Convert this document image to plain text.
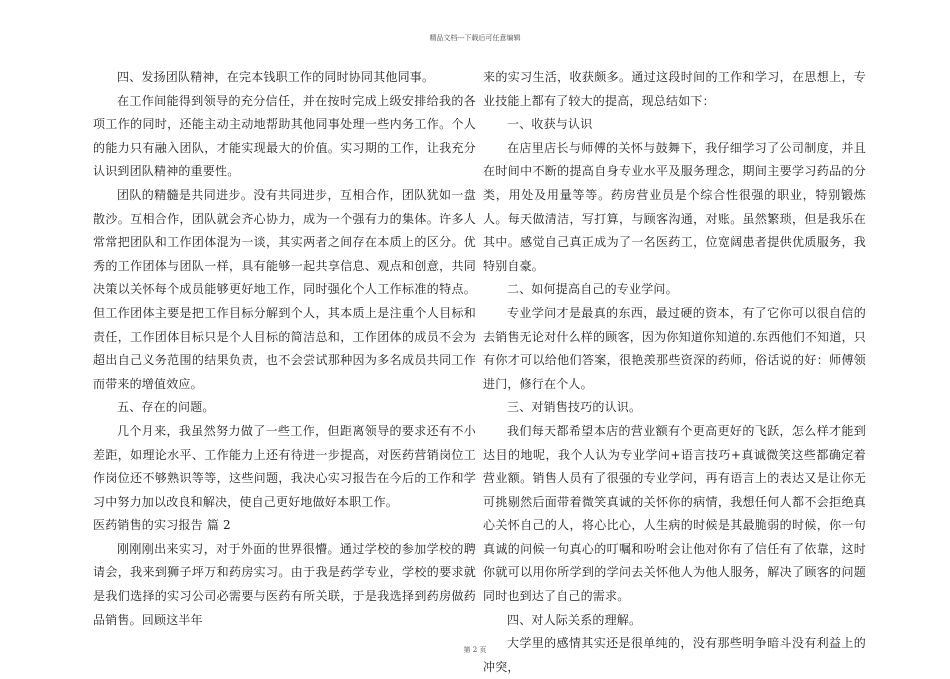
精品文档---下载后可任意编辑

四、发扬团队精神，在完本钱职工作的同时协同其他同事。

在工作间能得到领导的充分信任，并在按时完成上级安排给我的各项工作的同时，还能主动主动地帮助其他同事处理一些内务工作。个人的能力只有融入团队，才能实现最大的价值。实习期的工作，让我充分认识到团队精神的重要性。

团队的精髓是共同进步。没有共同进步，互相合作，团队犹如一盘散沙。互相合作，团队就会齐心协力，成为一个强有力的集体。许多人常常把团队和工作团体混为一谈，其实两者之间存在本质上的区分。优秀的工作团体与团队一样，具有能够一起共享信息、观点和创意，共同决策以关怀每个成员能够更好地工作，同时强化个人工作标准的特点。但工作团体主要是把工作目标分解到个人，其本质上是注重个人目标和责任，工作团体目标只是个人目标的简洁总和，工作团体的成员不会为超出自己义务范围的结果负责，也不会尝试那种因为多名成员共同工作而带来的增值效应。

五、存在的问题。

几个月来，我虽然努力做了一些工作，但距离领导的要求还有不小差距，如理论水平、工作能力上还有待进一步提高，对医药营销岗位工作岗位还不够熟识等等，这些问题，我决心实习报告在今后的工作和学习中努力加以改良和解决，使自己更好地做好本职工作。

医药销售的实习报告 篇 2

刚刚刚出来实习，对于外面的世界很懵。通过学校的参加学校的聘请会，我来到狮子坪万和药房实习。由于我是药学专业，学校的要求就是我们选择的实习公司必需要与医药有所关联，于是我选择到药房做药品销售。回顾这半年

来的实习生活，收获颇多。通过这段时间的工作和学习，在思想上，专业技能上都有了较大的提高，现总结如下：

一、收获与认识

在店里店长与师傅的关怀与鼓舞下，我仔细学习了公司制度，并且在时间中不断的提高自身专业水平及服务理念，期间主要学习药品的分类，用处及用量等等。药房营业员是个综合性很强的职业，特别锻炼人。每天做清洁，写打算，与顾客沟通，对账。虽然繁琐，但是我乐在其中。感觉自己真正成为了一名医药工，位宽阔患者提供优质服务，我特别自豪。

二、如何提高自己的专业学问。

专业学问才是最真的东西，最过硬的资本，有了它你可以很自信的去销售无论对什么样的顾客，因为你知道你知道的.东西他们不知道，只有你才可以给他们答案，很艳羡那些资深的药师，俗话说的好：师傅领进门，修行在个人。

三、对销售技巧的认识。

我们每天都希望本店的营业额有个更高更好的飞跃，怎么样才能到达目的地呢，我个人认为专业学问+语言技巧+真诚微笑这些都确定着营业额。销售人员有了很强的专业学问，再有语言上的表达又是让你无可挑剔然后面带着微笑真诚的关怀你的病情，我想任何人都不会拒绝真心关怀自己的人，将心比心，人生病的时候是其最脆弱的时候，你一句真诚的问候一句真心的叮嘱和吩咐会让他对你有了信任有了依靠，这时你就可以用你所学到的学问去关怀他人为他人服务，解决了顾客的问题同时也到达了自己的需求。

四、对人际关系的理解。

大学里的感情其实还是很单纯的，没有那些明争暗斗没有利益上的冲突，

第 2 页
